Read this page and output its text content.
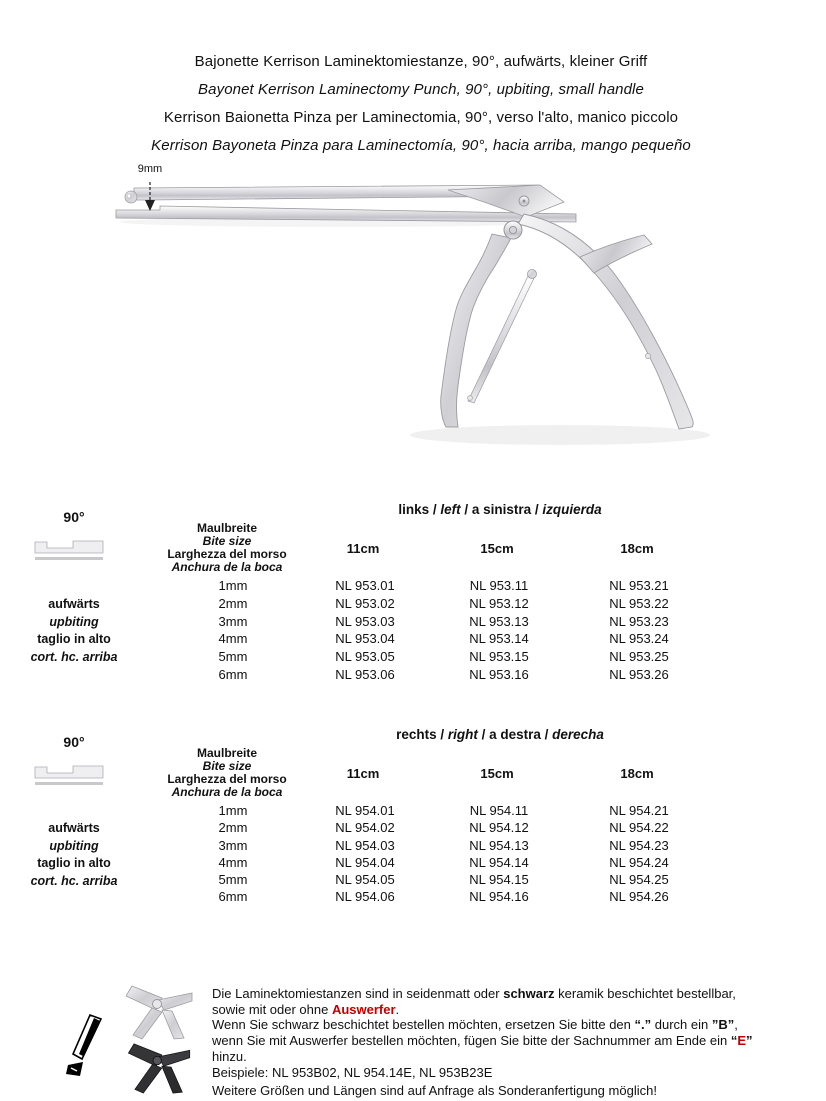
Bajonette Kerrison Laminektomiestanze, 90°, aufwärts, kleiner Griff
Bayonet Kerrison Laminectomy Punch, 90°, upbiting, small handle
Kerrison Baionetta Pinza per Laminectomia, 90°, verso l'alto, manico piccolo
Kerrison Bayoneta Pinza para Laminectomía, 90°, hacia arriba, mango pequeño
9mm
90°	links / left / a sinistra / izquierda
Maulbreite
Bite size
Larghezza del morso
Anchura de la boca
11cm	15cm	18cm
aufwärts
upbiting
taglio in alto
cort. hc. arriba
1mm	NL 953.01	NL 953.11	NL 953.21
2mm	NL 953.02	NL 953.12	NL 953.22
3mm	NL 953.03	NL 953.13	NL 953.23
4mm	NL 953.04	NL 953.14	NL 953.24
5mm	NL 953.05	NL 953.15	NL 953.25
6mm	NL 953.06	NL 953.16	NL 953.26
90°	rechts / right / a destra / derecha
Maulbreite
Bite size
Larghezza del morso
Anchura de la boca
11cm	15cm	18cm
aufwärts
upbiting
taglio in alto
cort. hc. arriba
1mm	NL 954.01	NL 954.11	NL 954.21
2mm	NL 954.02	NL 954.12	NL 954.22
3mm	NL 954.03	NL 954.13	NL 954.23
4mm	NL 954.04	NL 954.14	NL 954.24
5mm	NL 954.05	NL 954.15	NL 954.25
6mm	NL 954.06	NL 954.16	NL 954.26
Die Laminektomiestanzen sind in seidenmatt oder schwarz keramik beschichtet bestellbar,
sowie mit oder ohne Auswerfer.
Wenn Sie schwarz beschichtet bestellen möchten, ersetzen Sie bitte den “.” durch ein ”B”,
wenn Sie mit Auswerfer bestellen möchten, fügen Sie bitte der Sachnummer am Ende ein “E”
hinzu.
Beispiele: NL 953B02, NL 954.14E, NL 953B23E
Weitere Größen und Längen sind auf Anfrage als Sonderanfertigung möglich!
